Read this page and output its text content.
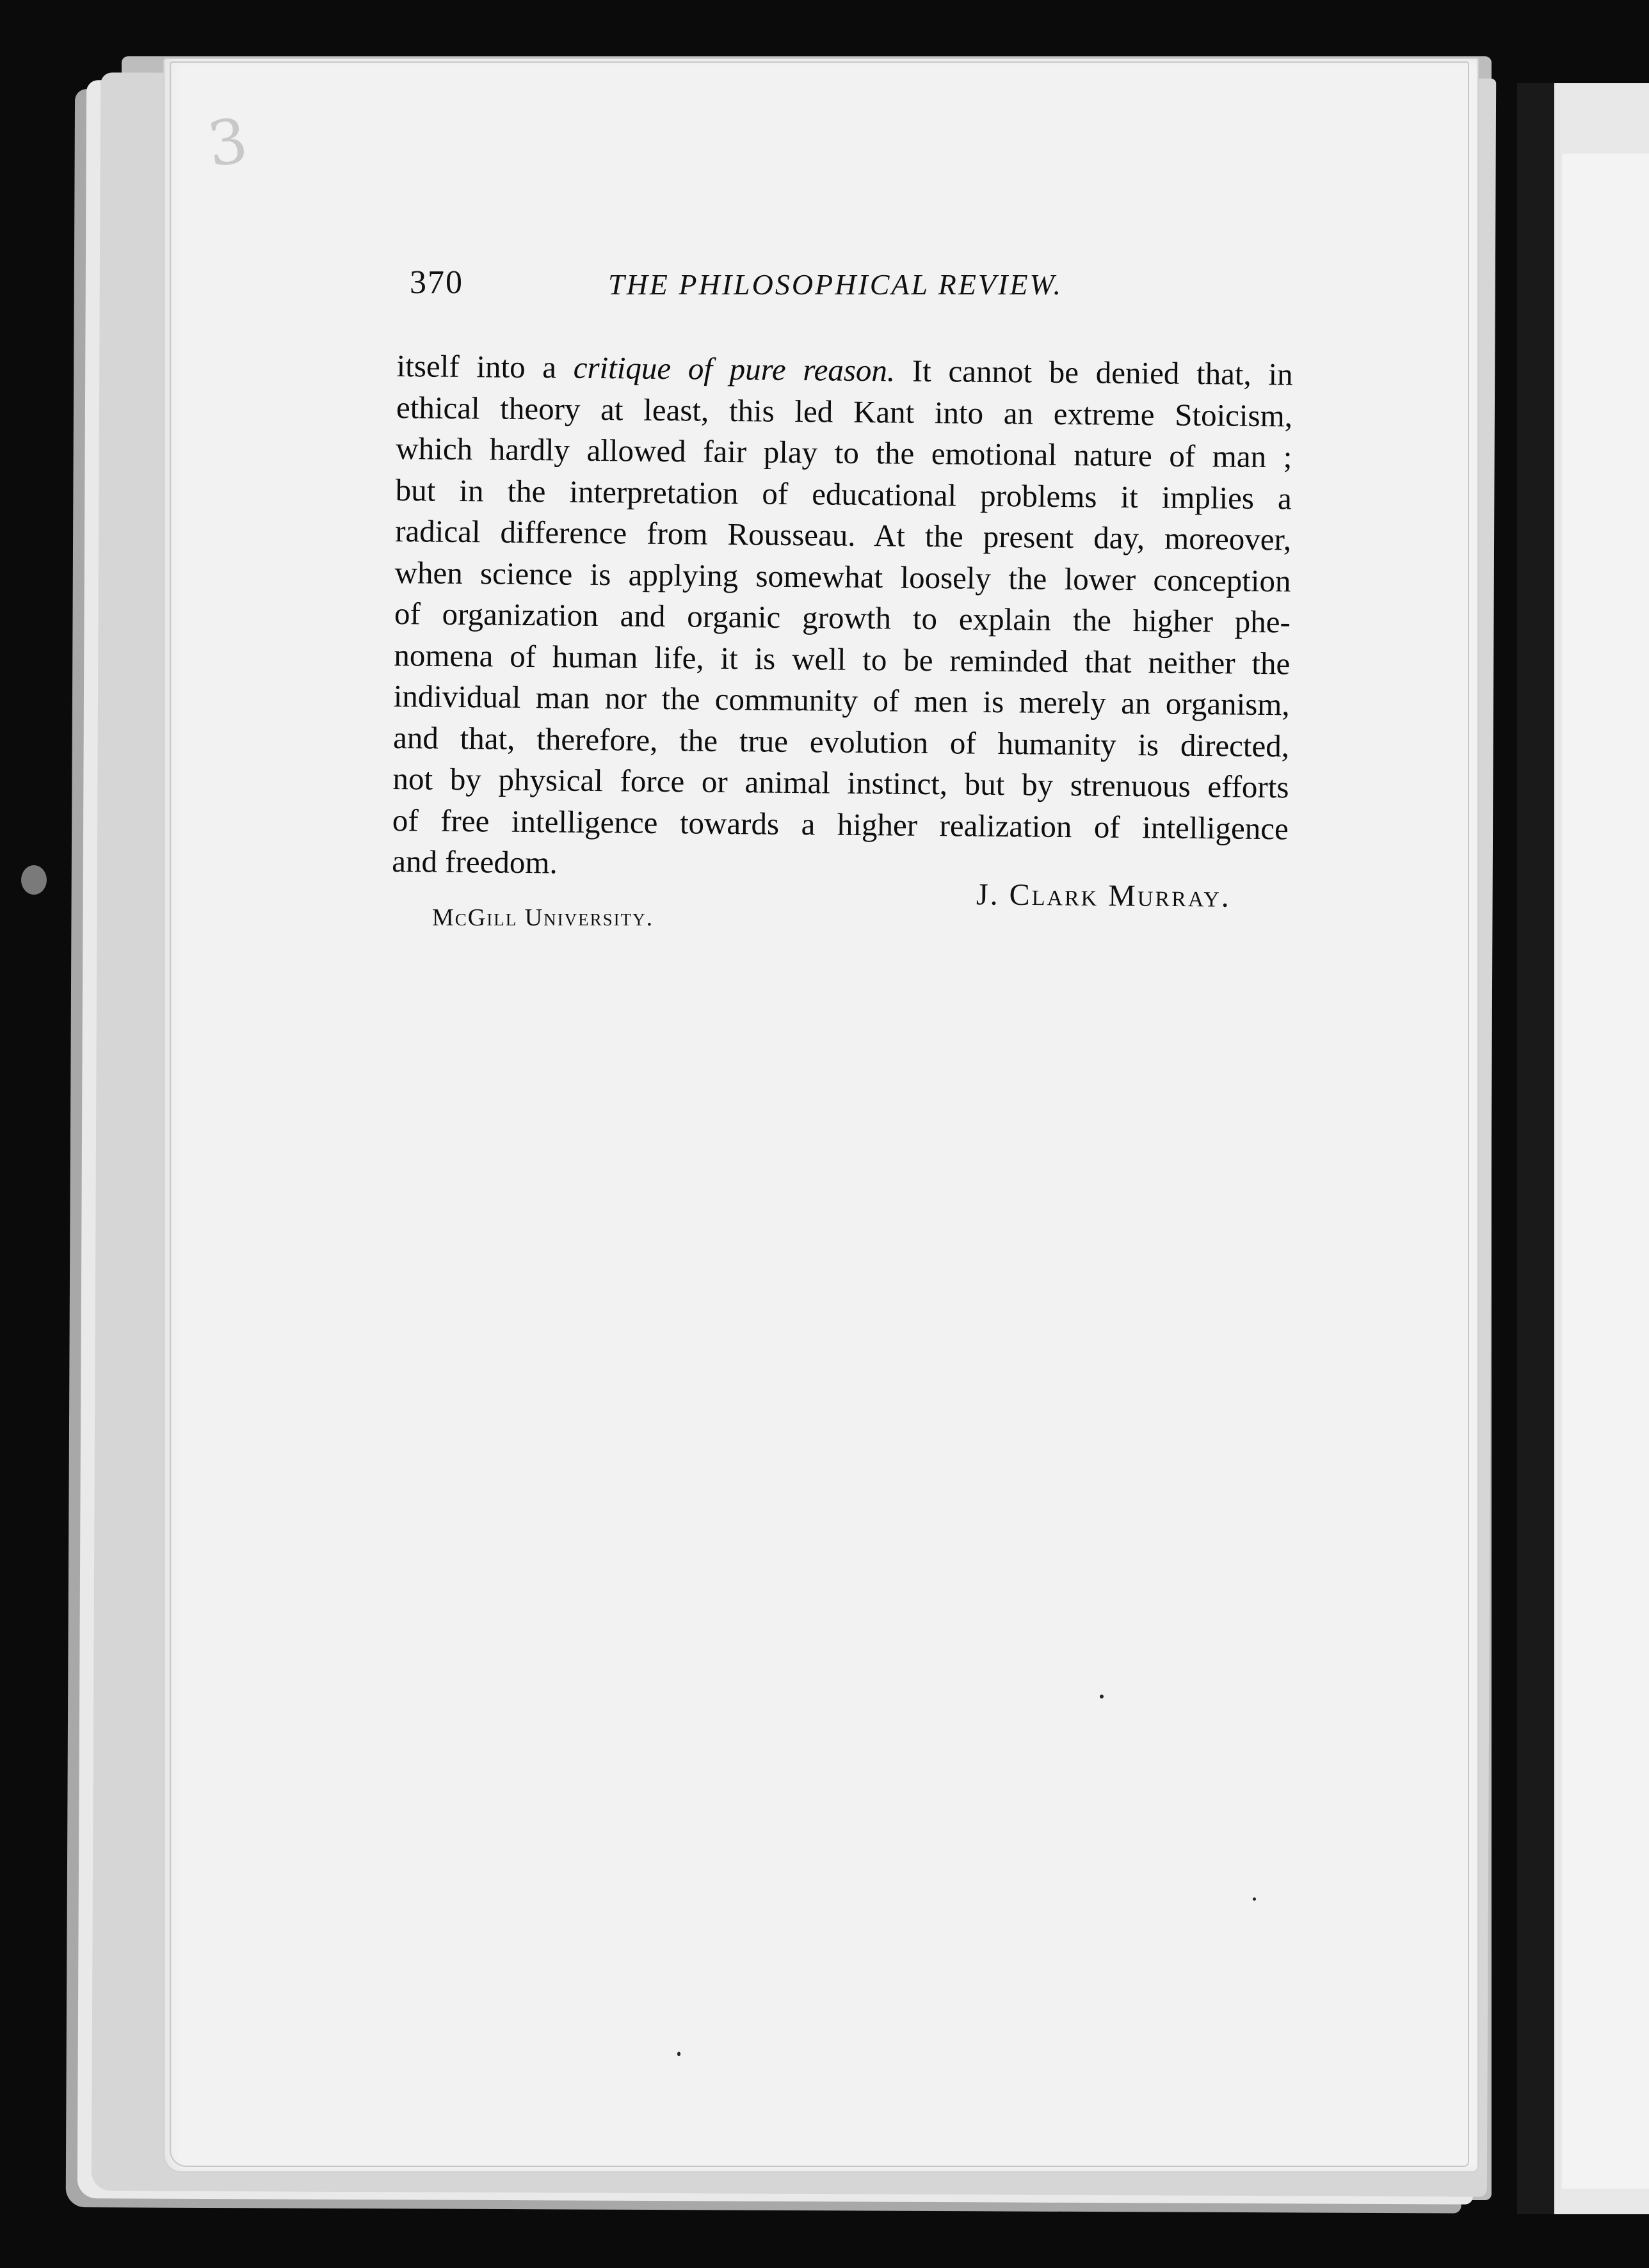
3
370	THE PHILOSOPHICAL REVIEW.
itself into a critique of pure reason. It cannot be denied that, in
ethical theory at least, this led Kant into an extreme Stoicism,
which hardly allowed fair play to the emotional nature of man ;
but in the interpretation of educational problems it implies a
radical difference from Rousseau. At the present day, moreover,
when science is applying somewhat loosely the lower conception
of organization and organic growth to explain the higher phe-
nomena of human life, it is well to be reminded that neither the
individual man nor the community of men is merely an organism,
and that, therefore, the true evolution of humanity is directed,
not by physical force or animal instinct, but by strenuous efforts
of free intelligence towards a higher realization of intelligence
and freedom.
J. Clark Murray.
McGill University.
